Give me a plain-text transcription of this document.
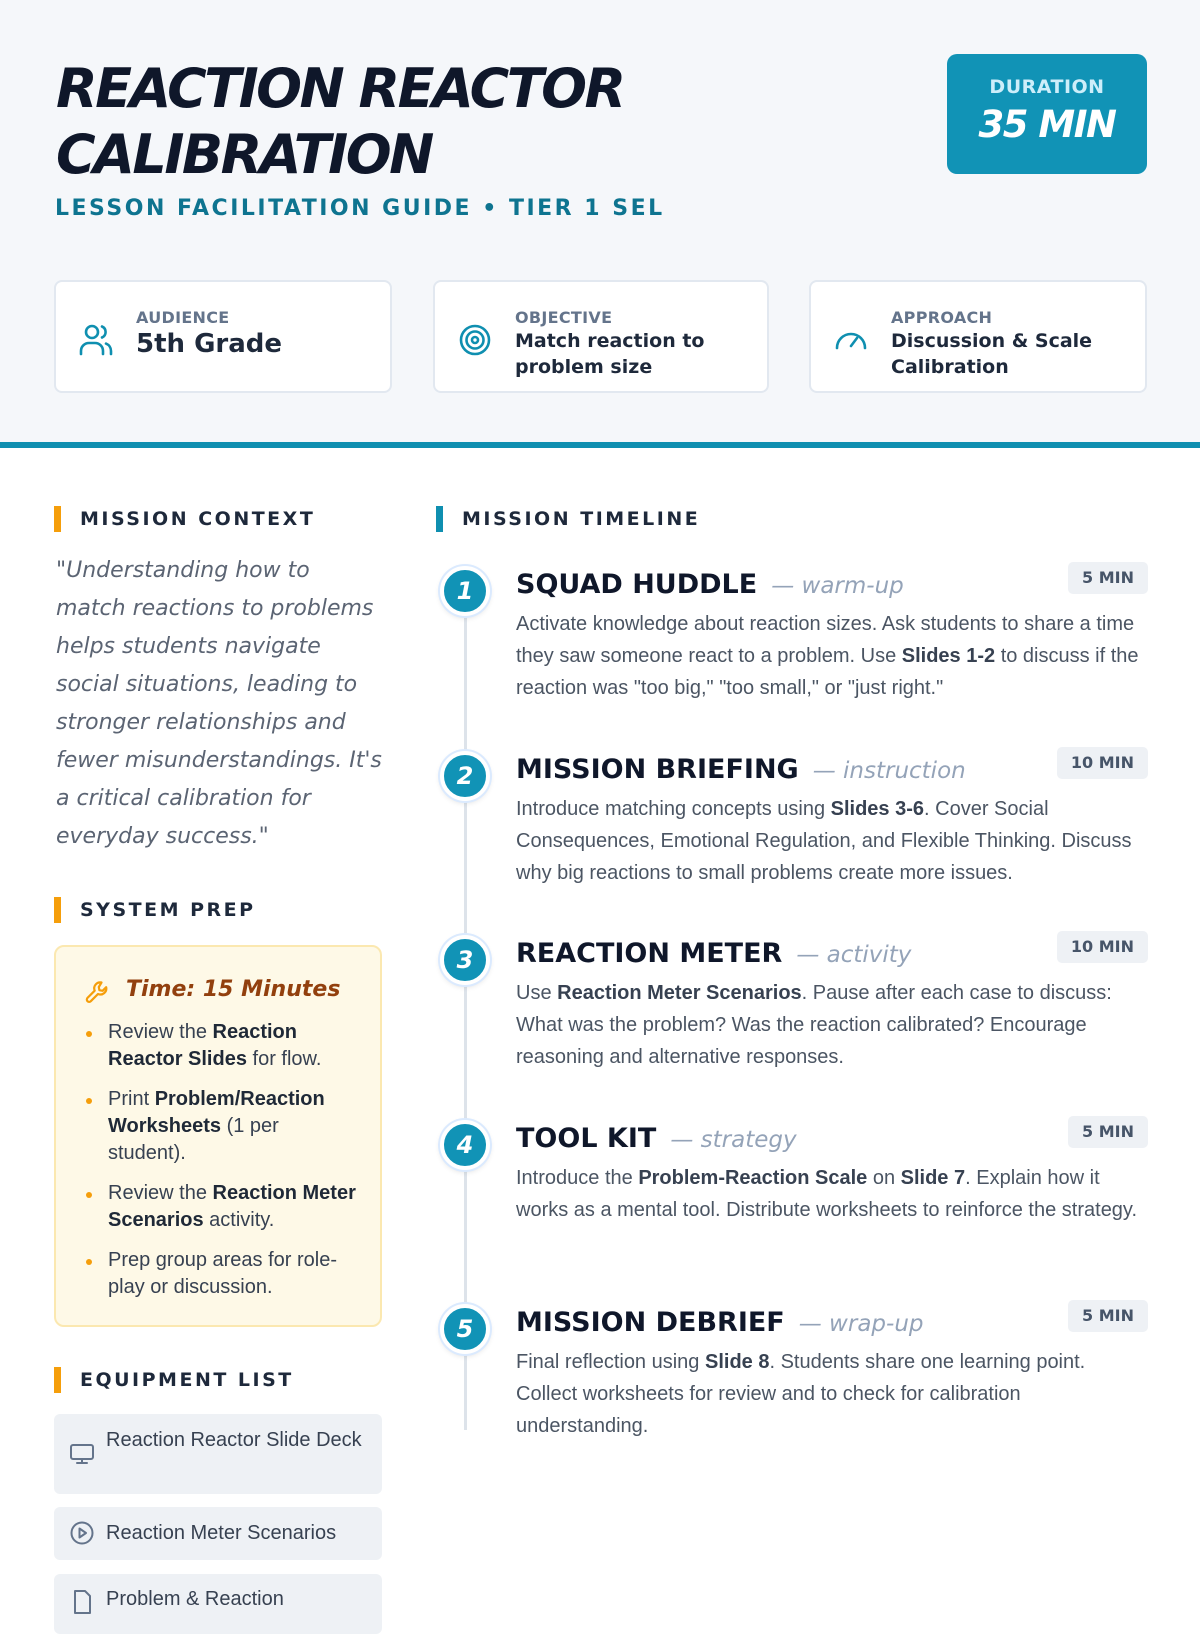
REACTION REACTOR CALIBRATION
LESSON FACILITATION GUIDE • TIER 1 SEL
DURATION
35 MIN
AUDIENCE
5th Grade
OBJECTIVE
Match reaction to problem size
APPROACH
Discussion & Scale Calibration
MISSION CONTEXT

"Understanding how to match reactions to problems helps students navigate social situations, leading to stronger relationships and fewer misunderstandings. It's a critical calibration for everyday success."

SYSTEM PREP
Time: 15 Minutes
Review the Reaction Reactor Slides for flow.
Print Problem/Reaction Worksheets (1 per student).
Review the Reaction Meter Scenarios activity.
Prep group areas for role-play or discussion.
EQUIPMENT LIST
Reaction Reactor Slide Deck
Reaction Meter Scenarios
Problem & Reaction
MISSION TIMELINE
1	SQUAD HUDDLE — warm-up	5 MIN
Activate knowledge about reaction sizes. Ask students to share a time they saw someone react to a problem. Use Slides 1-2 to discuss if the reaction was "too big," "too small," or "just right."
2	MISSION BRIEFING — instruction	10 MIN
Introduce matching concepts using Slides 3-6. Cover Social Consequences, Emotional Regulation, and Flexible Thinking. Discuss why big reactions to small problems create more issues.
3	REACTION METER — activity	10 MIN
Use Reaction Meter Scenarios. Pause after each case to discuss: What was the problem? Was the reaction calibrated? Encourage reasoning and alternative responses.
4	TOOL KIT — strategy	5 MIN
Introduce the Problem-Reaction Scale on Slide 7. Explain how it works as a mental tool. Distribute worksheets to reinforce the strategy.
5	MISSION DEBRIEF — wrap-up	5 MIN
Final reflection using Slide 8. Students share one learning point. Collect worksheets for review and to check for calibration understanding.
